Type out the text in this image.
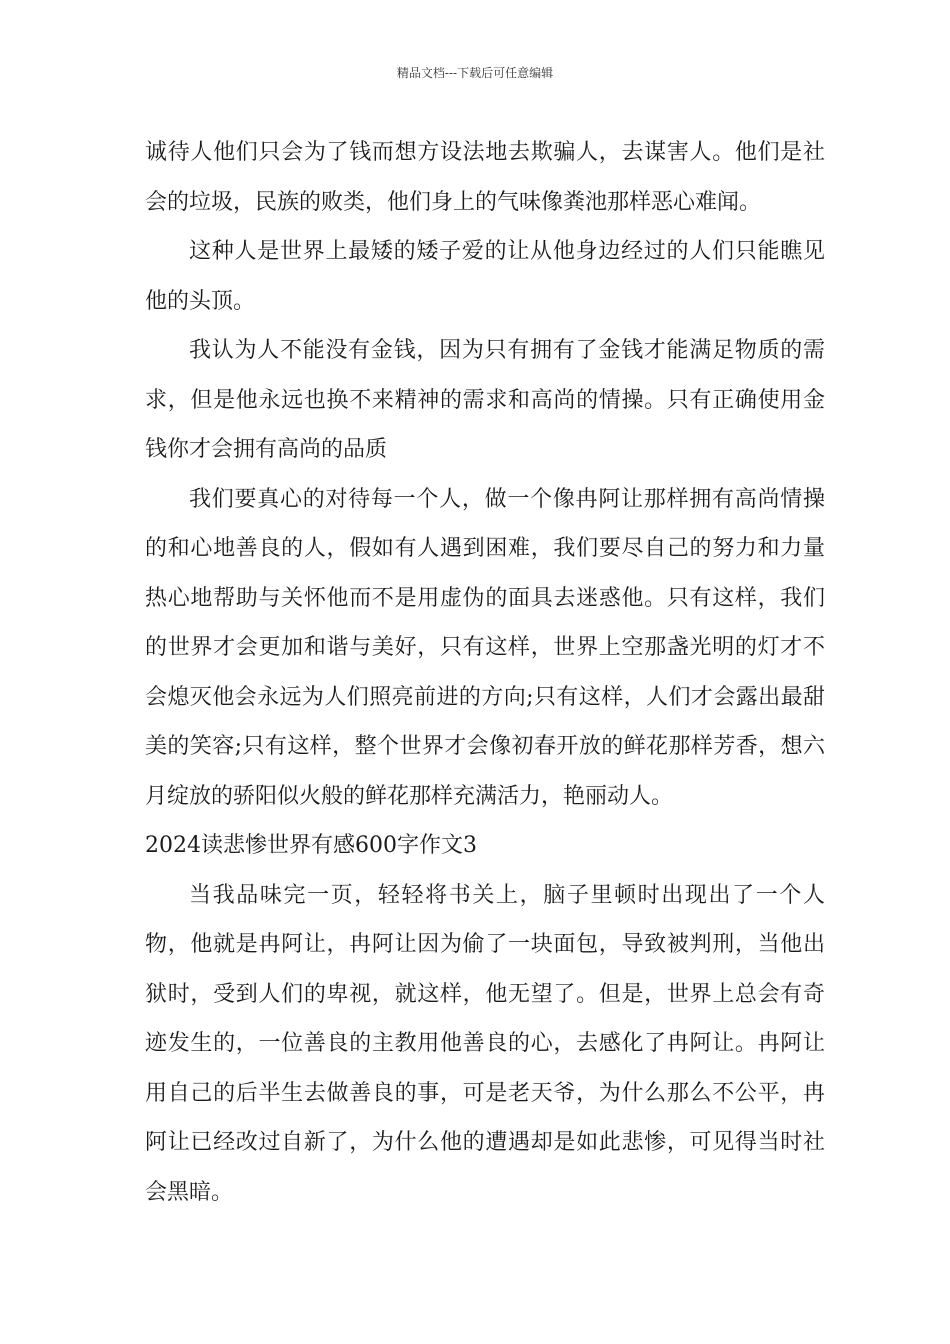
精品文档---下载后可任意编辑

诚待人他们只会为了钱而想方设法地去欺骗人，去谋害人。他们是社会的垃圾，民族的败类，他们身上的气味像粪池那样恶心难闻。

这种人是世界上最矮的矮子爱的让从他身边经过的人们只能瞧见他的头顶。

我认为人不能没有金钱，因为只有拥有了金钱才能满足物质的需求，但是他永远也换不来精神的需求和高尚的情操。只有正确使用金钱你才会拥有高尚的品质

我们要真心的对待每一个人，做一个像冉阿让那样拥有高尚情操的和心地善良的人，假如有人遇到困难，我们要尽自己的努力和力量热心地帮助与关怀他而不是用虚伪的面具去迷惑他。只有这样，我们的世界才会更加和谐与美好，只有这样，世界上空那盏光明的灯才不会熄灭他会永远为人们照亮前进的方向;只有这样，人们才会露出最甜美的笑容;只有这样，整个世界才会像初春开放的鲜花那样芳香，想六月绽放的骄阳似火般的鲜花那样充满活力，艳丽动人。

2024读悲惨世界有感600字作文3

当我品味完一页，轻轻将书关上，脑子里顿时出现出了一个人物，他就是冉阿让，冉阿让因为偷了一块面包，导致被判刑，当他出狱时，受到人们的卑视，就这样，他无望了。但是，世界上总会有奇迹发生的，一位善良的主教用他善良的心，去感化了冉阿让。冉阿让用自己的后半生去做善良的事，可是老天爷，为什么那么不公平，冉阿让已经改过自新了，为什么他的遭遇却是如此悲惨，可见得当时社会黑暗。
